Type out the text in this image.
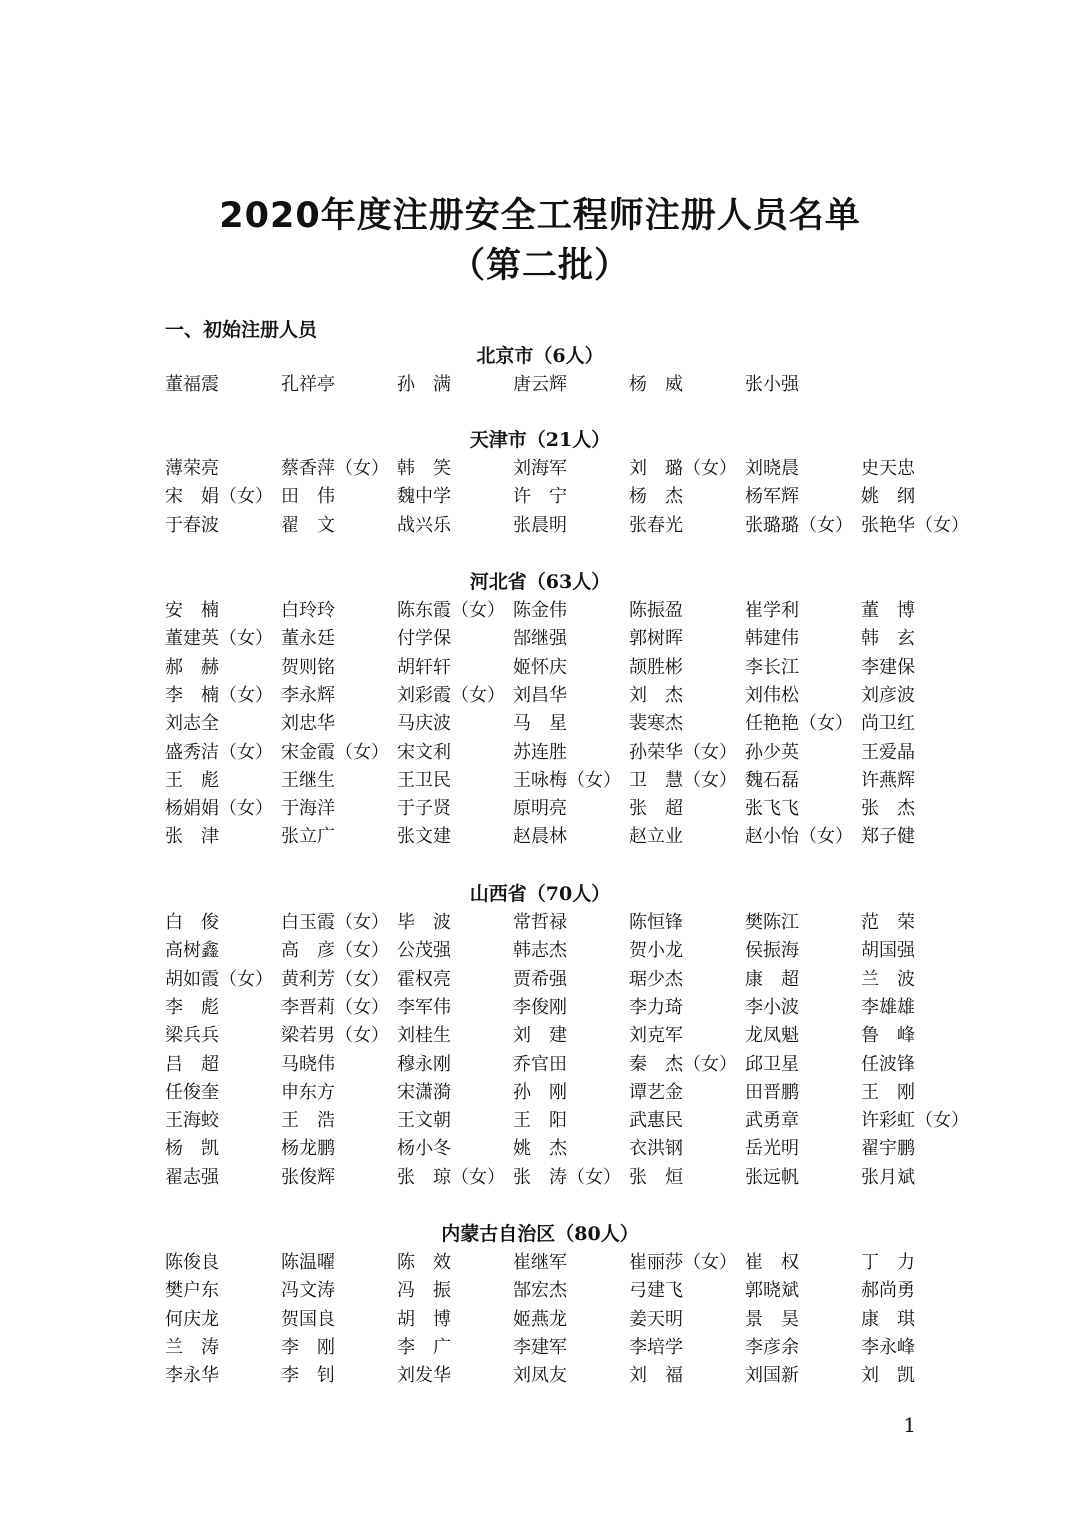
2020年度注册安全工程师注册人员名单
（第二批）
一、初始注册人员
北京市（6人）
董福震	孔祥亭	孙　满	唐云辉	杨　威	张小强
天津市（21人）
薄荣亮	蔡香萍（女） 韩　笑	刘海军	刘　璐（女） 刘晓晨	史天忠
宋　娟（女） 田　伟	魏中学	许　宁	杨　杰	杨军辉	姚　纲
于春波	翟　文	战兴乐	张晨明	张春光	张璐璐（女） 张艳华（女）
河北省（63人）
安　楠	白玲玲	陈东霞（女） 陈金伟	陈振盈	崔学利	董　博
董建英（女） 董永廷	付学保	郜继强	郭树晖	韩建伟	韩　玄
郝　赫	贺则铭	胡轩轩	姬怀庆	颉胜彬	李长江	李建保
李　楠（女） 李永辉	刘彩霞（女） 刘昌华	刘　杰	刘伟松	刘彦波
刘志全	刘忠华	马庆波	马　星	裴寒杰	任艳艳（女） 尚卫红
盛秀洁（女） 宋金霞（女） 宋文利	苏连胜	孙荣华（女） 孙少英	王爱晶
王　彪	王继生	王卫民	王咏梅（女） 卫　慧（女） 魏石磊	许燕辉
杨娟娟（女） 于海洋	于子贤	原明亮	张　超	张飞飞	张　杰
张　津	张立广	张文建	赵晨林	赵立业	赵小怡（女） 郑子健
山西省（70人）
白　俊	白玉霞（女） 毕　波	常哲禄	陈恒锋	樊陈江	范　荣
高树鑫	高　彦（女） 公茂强	韩志杰	贺小龙	侯振海	胡国强
胡如霞（女） 黄利芳（女） 霍权亮	贾希强	琚少杰	康　超	兰　波
李　彪	李晋莉（女） 李军伟	李俊刚	李力琦	李小波	李雄雄
梁兵兵	梁若男（女） 刘桂生	刘　建	刘克军	龙凤魁	鲁　峰
吕　超	马晓伟	穆永刚	乔官田	秦　杰（女） 邱卫星	任波锋
任俊奎	申东方	宋潇漪	孙　刚	谭艺金	田晋鹏	王　刚
王海蛟	王　浩	王文朝	王　阳	武惠民	武勇章	许彩虹（女）
杨　凯	杨龙鹏	杨小冬	姚　杰	衣洪钢	岳光明	翟宇鹏
翟志强	张俊辉	张　琼（女） 张　涛（女） 张　烜	张远帆	张月斌
内蒙古自治区（80人）
陈俊良	陈温曜	陈　效	崔继军	崔丽莎（女） 崔　权	丁　力
樊户东	冯文涛	冯　振	郜宏杰	弓建飞	郭晓斌	郝尚勇
何庆龙	贺国良	胡　博	姬燕龙	姜天明	景　昊	康　琪
兰　涛	李　刚	李　广	李建军	李培学	李彦余	李永峰
李永华	李　钊	刘发华	刘凤友	刘　福	刘国新	刘　凯
1
